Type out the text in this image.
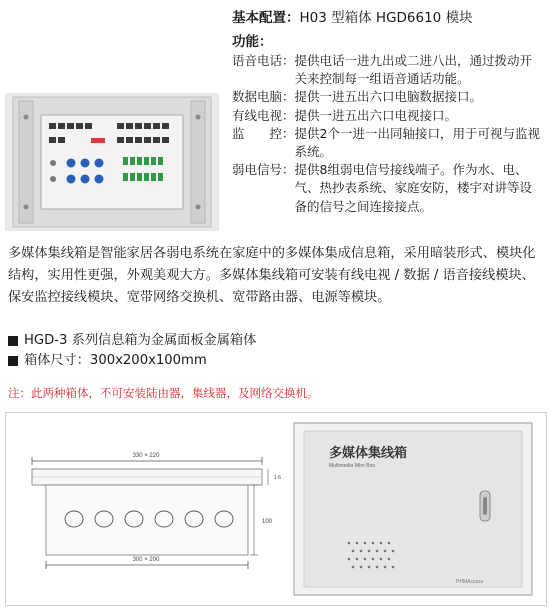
基本配置：H03 型箱体 HGD6610 模块
功能：
语音电话： 提供电话一进九出或二进八出，通过拨动开关来控制每一组语音通话功能。
数据电脑： 提供一进五出六口电脑数据接口。
有线电视： 提供一进五出六口电视接口。
监　　控： 提供2个一进一出同轴接口，用于可视与监视系统。
弱电信号： 提供8组弱电信号接线端子。作为水、电、气、热抄表系统、家庭安防，楼宇对讲等设备的信号之间连接接点。
多媒体集线箱是智能家居各弱电系统在家庭中的多媒体集成信息箱，采用暗装形式、模块化结构，实用性更强，外观美观大方。多媒体集线箱可安装有线电视 / 数据 / 语音接线模块、保安监控接线模块、宽带网络交换机、宽带路由器、电源等模块。
HGD-3 系列信息箱为金属面板金属箱体
箱体尺寸：300x200x100mm
注：此两种箱体，不可安装陆由器，集线器，及网络交换机。
330 × 220
1.6
100
300 × 200
多媒体集线箱
Multimedia Wire Box
PHMAccess
